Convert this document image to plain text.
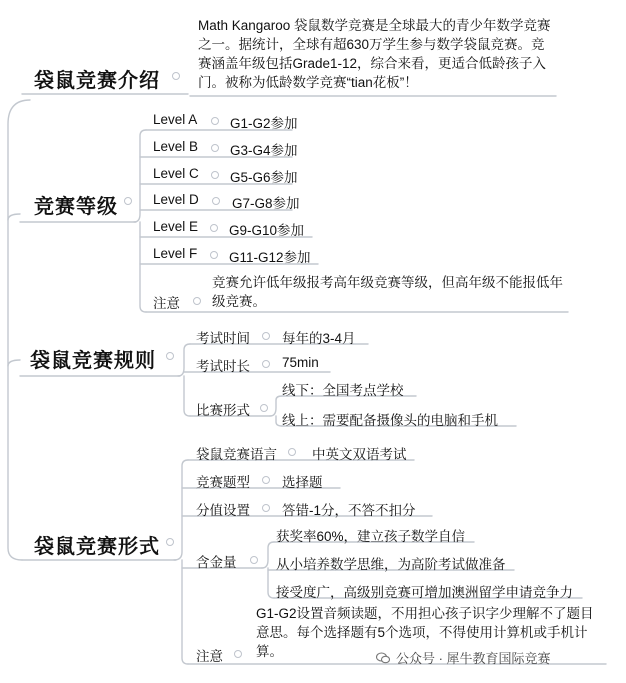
袋鼠竞赛介绍
Math Kangaroo 袋鼠数学竞赛是全球最大的青少年数学竞赛之一。据统计，全球有超630万学生参与数学袋鼠竞赛。竞赛涵盖年级包括Grade1-12，综合来看，更适合低龄孩子入门。被称为低龄数学竞赛“tian花板”！
竞赛等级
Level A G1-G2参加
Level B G3-G4参加
Level C G5-G6参加
Level D G7-G8参加
Level E G9-G10参加
Level F G11-G12参加
注意
竞赛允许低年级报考高年级竞赛等级，但高年级不能报低年级竞赛。
袋鼠竞赛规则
考试时间 每年的3-4月
考试时长 75min
比赛形式
线下：全国考点学校
线上：需要配备摄像头的电脑和手机
袋鼠竞赛形式
袋鼠竞赛语言	中英文双语考试
竞赛题型 选择题
分值设置 答错-1分，不答不扣分
含金量
获奖率60%，建立孩子数学自信
从小培养数学思维，为高阶考试做准备
接受度广，高级别竞赛可增加澳洲留学申请竞争力
注意
G1-G2设置音频读题，不用担心孩子识字少理解不了题目意思。每个选择题有5个选项，不得使用计算机或手机计算。	公众号 · 犀牛教育国际竞赛
